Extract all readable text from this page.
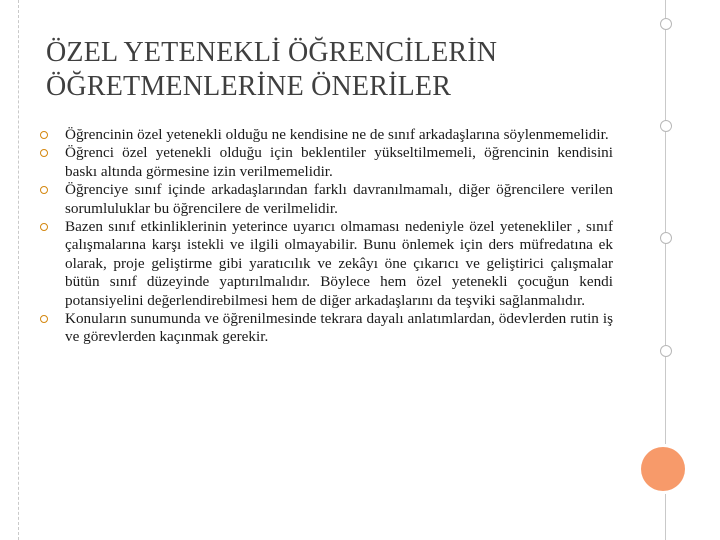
ÖZEL YETENEKLİ ÖĞRENCİLERİN ÖĞRETMENLERİNE ÖNERİLER
Öğrencinin özel yetenekli olduğu ne kendisine ne de sınıf arkadaşlarına söylenmemelidir.
Öğrenci özel yetenekli olduğu için beklentiler yükseltilmemeli, öğrencinin kendisini baskı altında görmesine izin verilmemelidir.
Öğrenciye sınıf içinde arkadaşlarından farklı davranılmamalı, diğer öğrencilere verilen sorumluluklar bu öğrencilere de verilmelidir.
Bazen sınıf etkinliklerinin yeterince uyarıcı olmaması nedeniyle özel yetenekliler , sınıf çalışmalarına karşı istekli ve ilgili olmayabilir. Bunu önlemek için ders müfredatına ek olarak, proje geliştirme gibi yaratıcılık ve zekâyı öne çıkarıcı ve geliştirici çalışmalar bütün sınıf düzeyinde yaptırılmalıdır. Böylece hem özel yetenekli çocuğun kendi potansiyelini değerlendirebilmesi hem de diğer arkadaşlarını da teşviki sağlanmalıdır.
Konuların sunumunda ve öğrenilmesinde tekrara dayalı anlatımlardan, ödevlerden rutin iş ve görevlerden kaçınmak gerekir.
